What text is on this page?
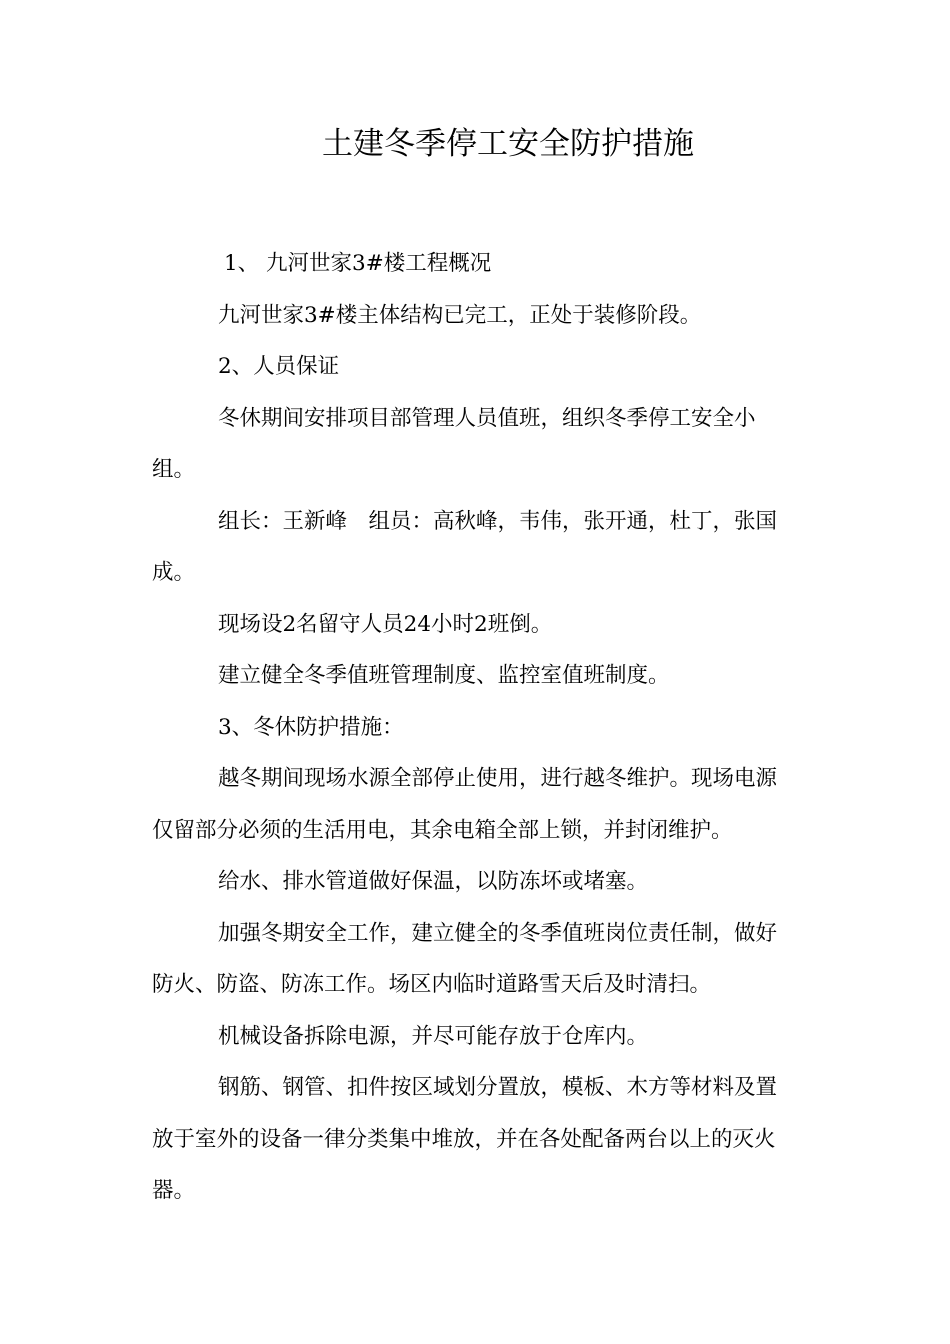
土建冬季停工安全防护措施

1、 九河世家3#楼工程概况

九河世家3#楼主体结构已完工，正处于装修阶段。

2、人员保证

冬休期间安排项目部管理人员值班，组织冬季停工安全小组。

组长：王新峰　组员：高秋峰，韦伟，张开通，杜丁，张国成。

现场设2名留守人员24小时2班倒。

建立健全冬季值班管理制度、监控室值班制度。

3、冬休防护措施：

越冬期间现场水源全部停止使用，进行越冬维护。现场电源仅留部分必须的生活用电，其余电箱全部上锁，并封闭维护。

给水、排水管道做好保温，以防冻坏或堵塞。

加强冬期安全工作，建立健全的冬季值班岗位责任制，做好防火、防盗、防冻工作。场区内临时道路雪天后及时清扫。

机械设备拆除电源，并尽可能存放于仓库内。

钢筋、钢管、扣件按区域划分置放，模板、木方等材料及置放于室外的设备一律分类集中堆放，并在各处配备两台以上的灭火器。
